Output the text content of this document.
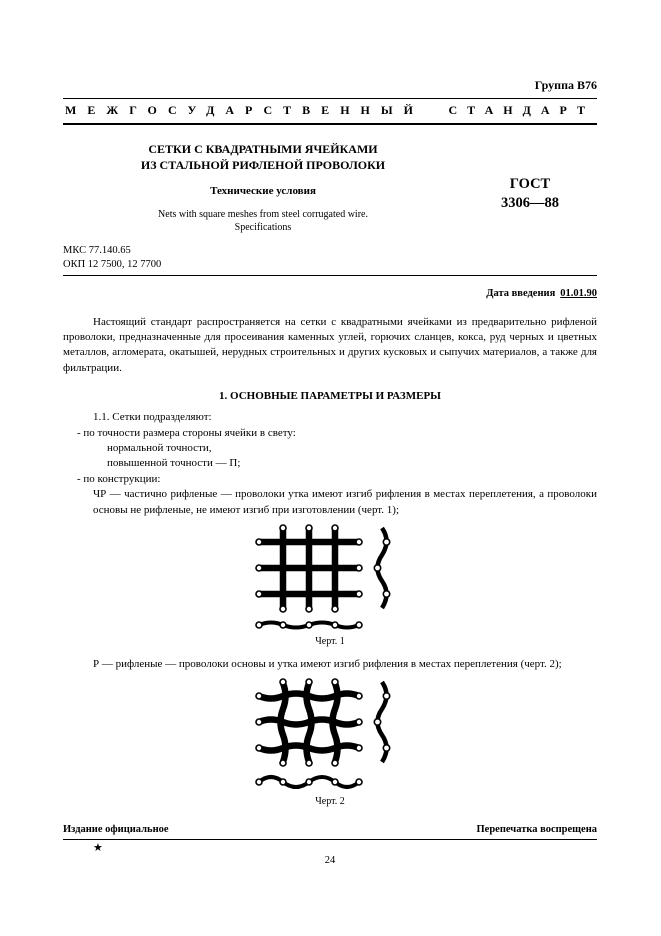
Группа В76
МЕЖГОСУДАРСТВЕННЫЙ СТАНДАРТ
СЕТКИ С КВАДРАТНЫМИ ЯЧЕЙКАМИ
ИЗ СТАЛЬНОЙ РИФЛЕНОЙ ПРОВОЛОКИ
Технические условия
Nets with square meshes from steel corrugated wire.
Specifications
ГОСТ
3306—88
МКС 77.140.65
ОКП 12 7500, 12 7700
Дата введения 01.01.90

Настоящий стандарт распространяется на сетки с квадратными ячейками из предварительно рифленой проволоки, предназначенные для просеивания каменных углей, горючих сланцев, кокса, руд черных и цветных металлов, агломерата, окатышей, нерудных строительных и других кусковых и сыпучих материалов, а также для фильтрации.

1. ОСНОВНЫЕ ПАРАМЕТРЫ И РАЗМЕРЫ
1.1. Сетки подразделяют:
- по точности размера стороны ячейки в свету:
нормальной точности,
повышенной точности — П;
- по конструкции:
ЧР — частично рифленые — проволоки утка имеют изгиб рифления в местах переплетения, а проволоки основы не рифленые, не имеют изгиб при изготовлении (черт. 1);
Черт. 1

Р — рифленые — проволоки основы и утка имеют изгиб рифления в местах переплетения (черт. 2);

Черт. 2
Издание официальное	Перепечатка воспрещена
★
24
